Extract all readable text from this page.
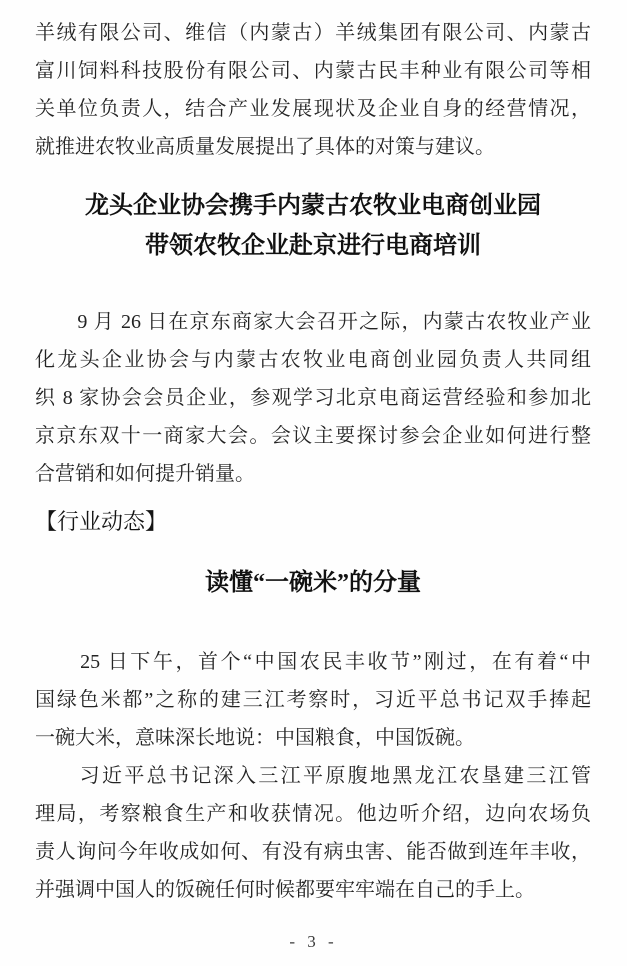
羊绒有限公司、维信（内蒙古）羊绒集团有限公司、内蒙古
富川饲料科技股份有限公司、内蒙古民丰种业有限公司等相
关单位负责人，结合产业发展现状及企业自身的经营情况，
就推进农牧业高质量发展提出了具体的对策与建议。
龙头企业协会携手内蒙古农牧业电商创业园
带领农牧企业赴京进行电商培训
　　9 月 26 日在京东商家大会召开之际，内蒙古农牧业产业
化龙头企业协会与内蒙古农牧业电商创业园负责人共同组
织 8 家协会会员企业，参观学习北京电商运营经验和参加北
京京东双十一商家大会。会议主要探讨参会企业如何进行整
合营销和如何提升销量。
【行业动态】
读懂“一碗米”的分量
　　25 日下午，首个“中国农民丰收节”刚过，在有着“中
国绿色米都”之称的建三江考察时，习近平总书记双手捧起
一碗大米，意味深长地说：中国粮食，中国饭碗。
　　习近平总书记深入三江平原腹地黑龙江农垦建三江管
理局，考察粮食生产和收获情况。他边听介绍，边向农场负
责人询问今年收成如何、有没有病虫害、能否做到连年丰收，
并强调中国人的饭碗任何时候都要牢牢端在自己的手上。
- 3 -
